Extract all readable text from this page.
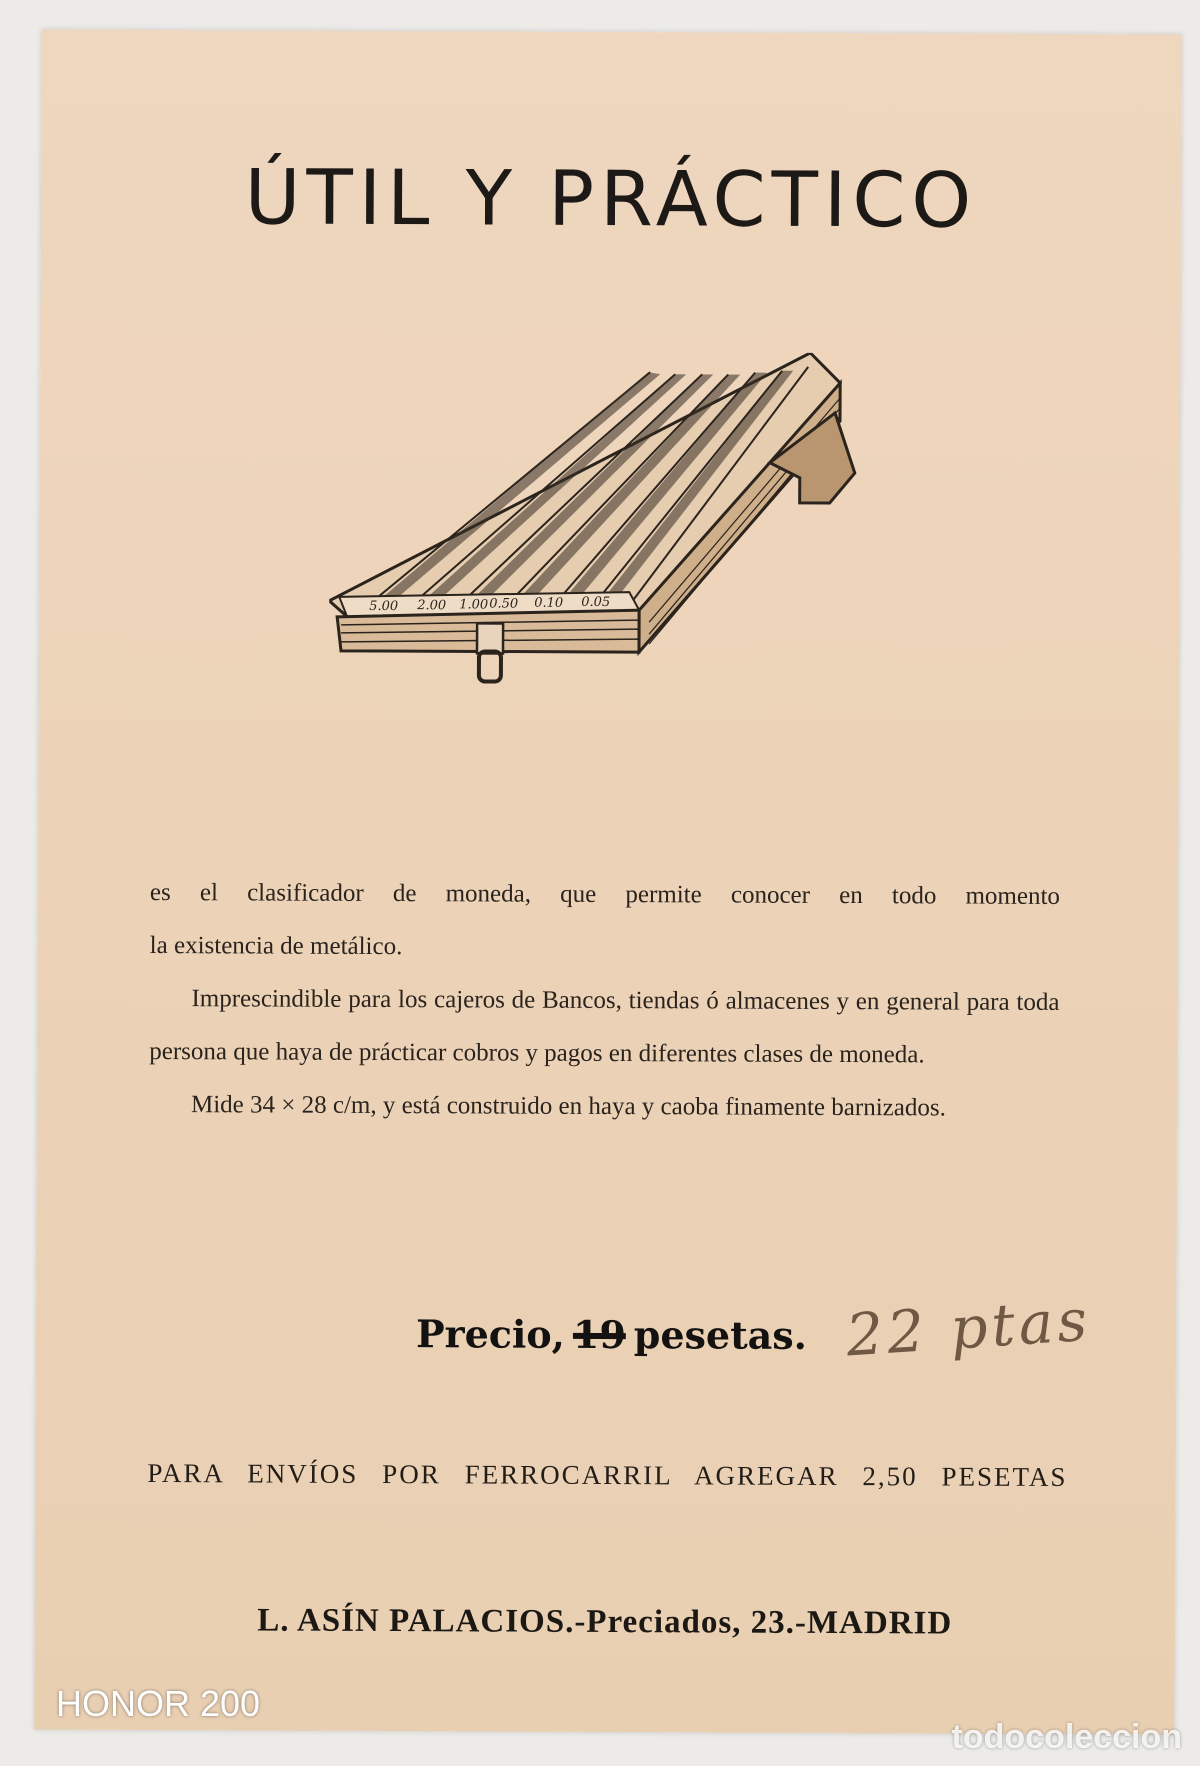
ÚTIL Y PRÁCTICO
5.00 2.00 1.00 0.50 0.10 0.05

es el clasificador de moneda, que permite conocer en todo momento

la existencia de metálico.

Imprescindible para los cajeros de Bancos, tiendas ó almacenes y en general para toda persona que haya de prácticar cobros y pagos en diferentes clases de moneda.

Mide 34 × 28 c/m, y está construido en haya y caoba finamente barnizados.

Precio, 19 pesetas. 22 ptas
PARA ENVÍOS POR FERROCARRIL AGREGAR 2,50 PESETAS
L. ASÍN PALACIOS.-Preciados, 23.-MADRID
HONOR 200
todocoleccion
